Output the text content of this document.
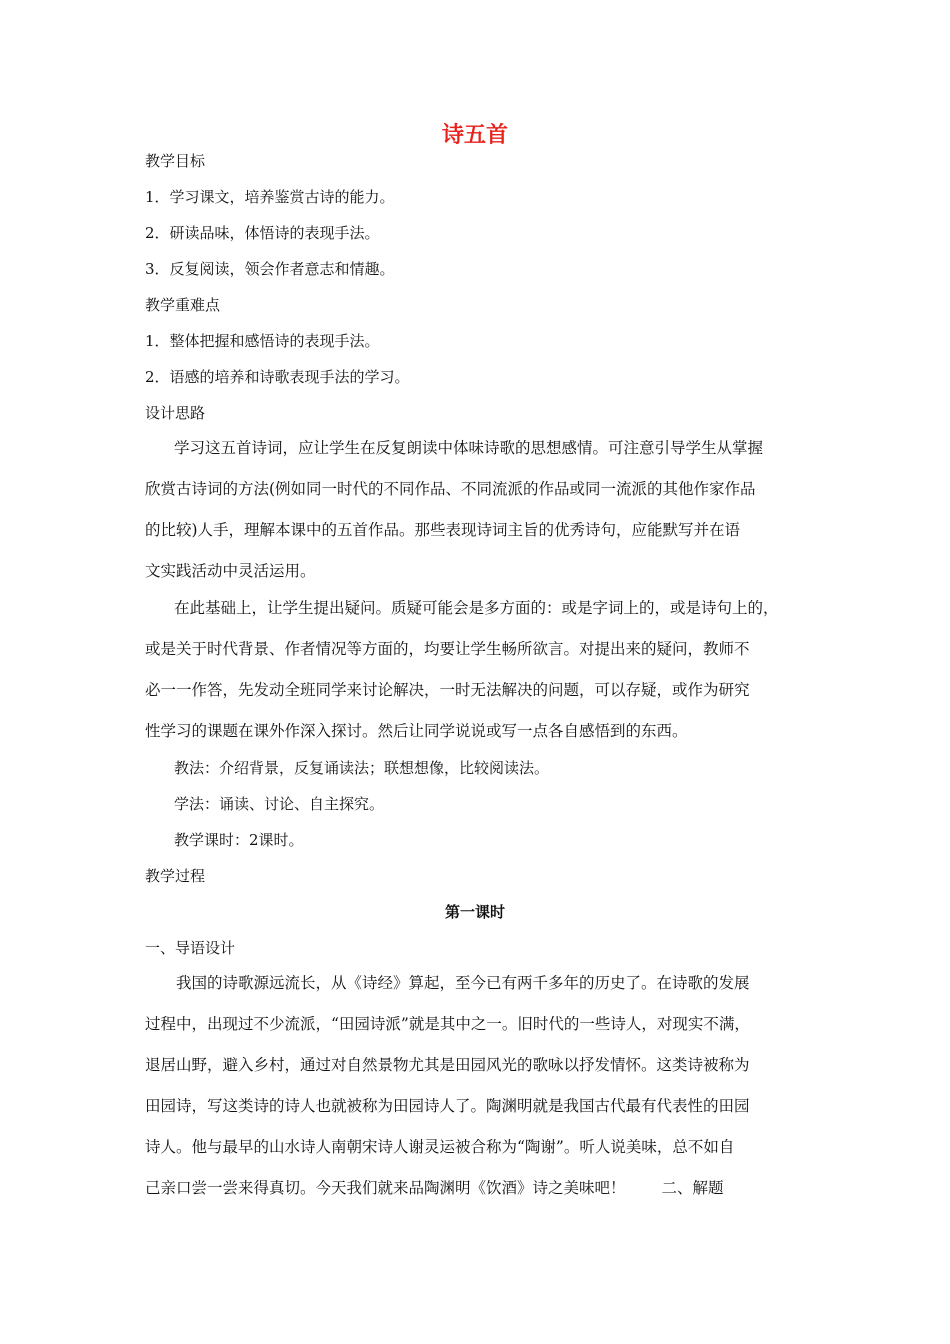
诗五首
教学目标
1．学习课文，培养鉴赏古诗的能力。
2．研读品味，体悟诗的表现手法。
3．反复阅读，领会作者意志和情趣。
教学重难点
1．整体把握和感悟诗的表现手法。
2．语感的培养和诗歌表现手法的学习。
设计思路
学习这五首诗词，应让学生在反复朗读中体味诗歌的思想感情。可注意引导学生从掌握
欣赏古诗词的方法(例如同一时代的不同作品、不同流派的作品或同一流派的其他作家作品
的比较)人手，理解本课中的五首作品。那些表现诗词主旨的优秀诗句，应能默写并在语
文实践活动中灵活运用。
在此基础上，让学生提出疑问。质疑可能会是多方面的：或是字词上的，或是诗句上的，
或是关于时代背景、作者情况等方面的，均要让学生畅所欲言。对提出来的疑问，教师不
必一一作答，先发动全班同学来讨论解决，一时无法解决的问题，可以存疑，或作为研究
性学习的课题在课外作深入探讨。然后让同学说说或写一点各自感悟到的东西。
教法：介绍背景，反复诵读法；联想想像，比较阅读法。
学法：诵读、讨论、自主探究。
教学课时：2课时。
教学过程
第一课时
一、导语设计
我国的诗歌源远流长，从《诗经》算起，至今已有两千多年的历史了。在诗歌的发展
过程中，出现过不少流派，“田园诗派”就是其中之一。旧时代的一些诗人，对现实不满，
退居山野，避入乡村，通过对自然景物尤其是田园风光的歌咏以抒发情怀。这类诗被称为
田园诗，写这类诗的诗人也就被称为田园诗人了。陶渊明就是我国古代最有代表性的田园
诗人。他与最早的山水诗人南朝宋诗人谢灵运被合称为“陶谢”。听人说美味，总不如自
己亲口尝一尝来得真切。今天我们就来品陶渊明《饮酒》诗之美味吧！ 二、解题
